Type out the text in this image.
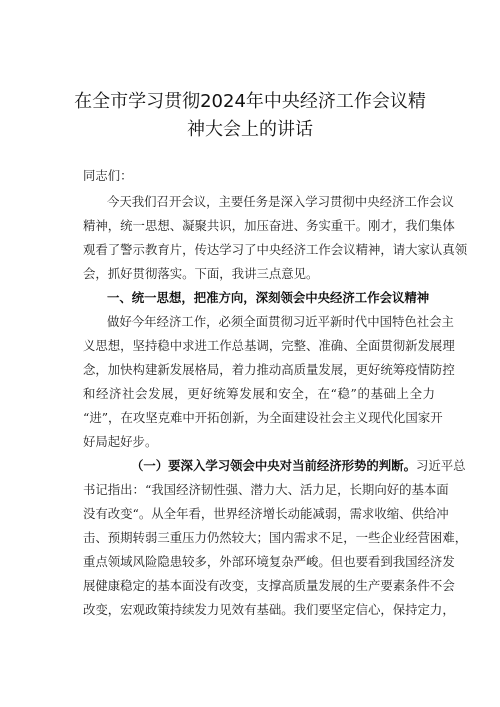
在全市学习贯彻2024年中央经济工作会议精
神大会上的讲话
同志们：
今天我们召开会议，主要任务是深入学习贯彻中央经济工作会议
精神，统一思想、凝聚共识，加压奋进、务实重干。刚才，我们集体
观看了警示教育片，传达学习了中央经济工作会议精神，请大家认真领
会，抓好贯彻落实。下面，我讲三点意见。
一、统一思想，把准方向，深刻领会中央经济工作会议精神
做好今年经济工作，必须全面贯彻习近平新时代中国特色社会主
义思想，坚持稳中求进工作总基调，完整、准确、全面贯彻新发展理
念，加快构建新发展格局，着力推动高质量发展，更好统筹疫情防控
和经济社会发展，更好统筹发展和安全，在“稳”的基础上全力
“进”，在攻坚克难中开拓创新，为全面建设社会主义现代化国家开
好局起好步。
（一）要深入学习领会中央对当前经济形势的判断。习近平总
书记指出：“我国经济韧性强、潜力大、活力足，长期向好的基本面
没有改变“。从全年看，世界经济增长动能减弱，需求收缩、供给冲
击、预期转弱三重压力仍然较大；国内需求不足，一些企业经营困难，
重点领域风险隐患较多，外部环境复杂严峻。但也要看到我国经济发
展健康稳定的基本面没有改变，支撑高质量发展的生产要素条件不会
改变，宏观政策持续发力见效有基础。我们要坚定信心，保持定力，
